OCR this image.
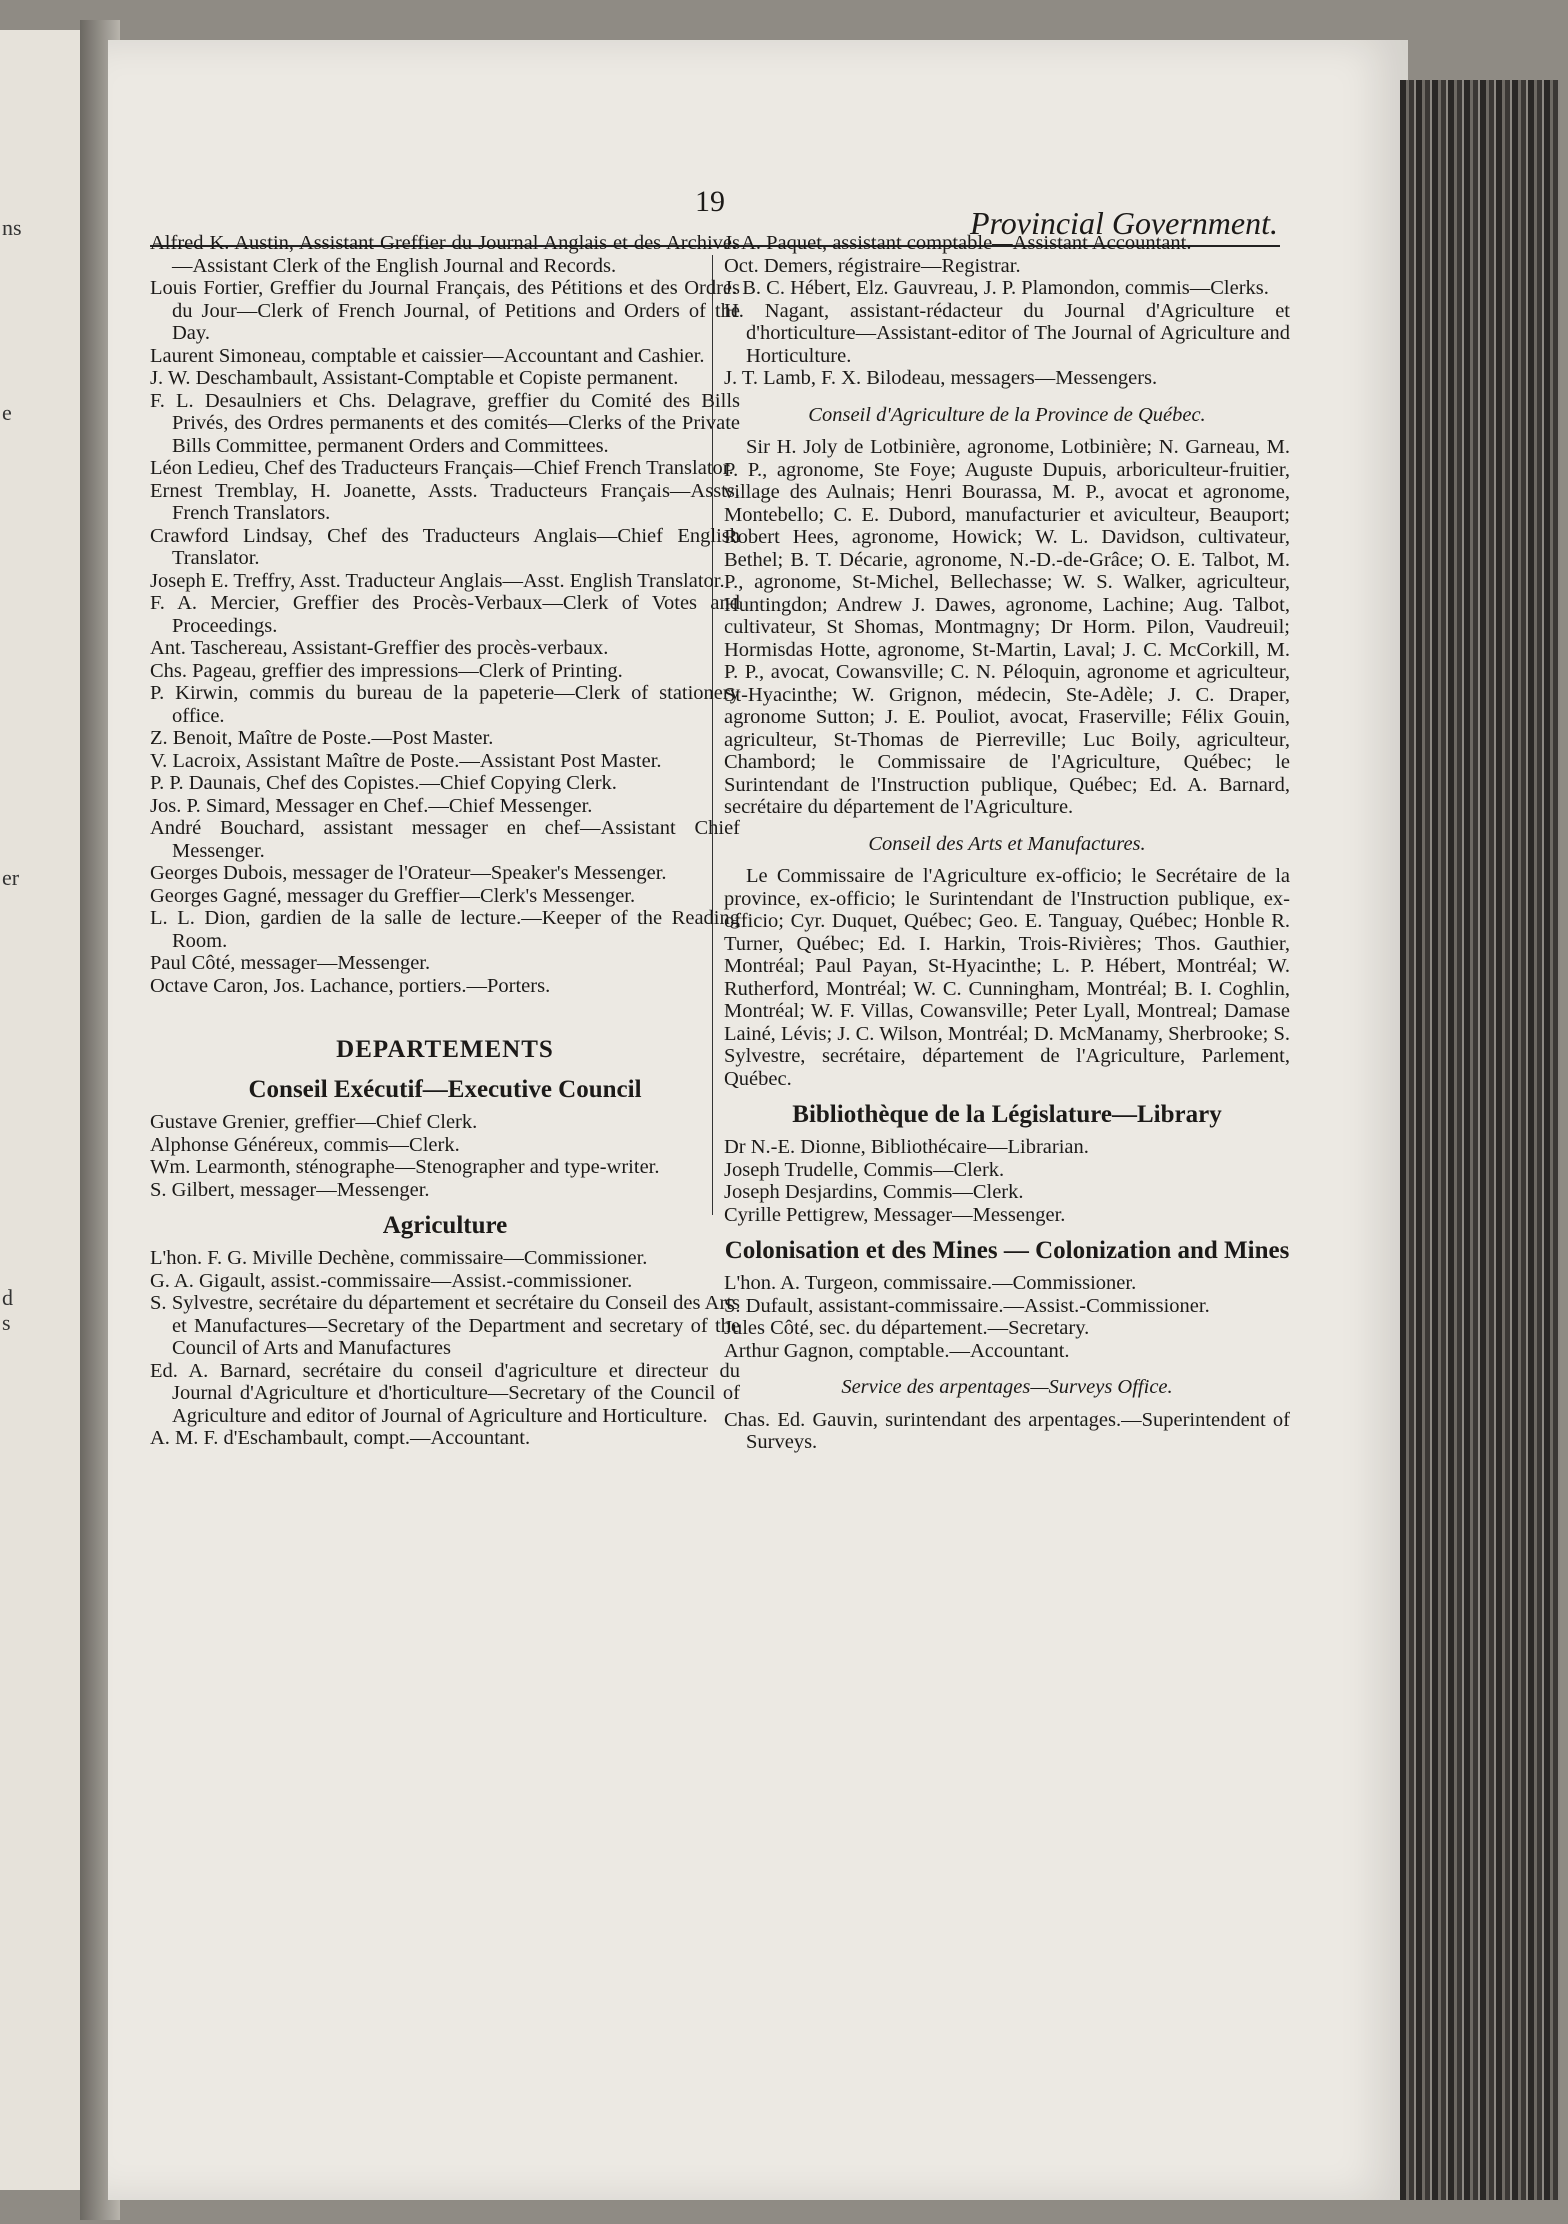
ns
e
er
d
s
19
Provincial Government.

Alfred K. Austin, Assistant Greffier du Journal Anglais et des Archives—Assistant Clerk of the English Journal and Records.

Louis Fortier, Greffier du Journal Français, des Pétitions et des Ordres du Jour—Clerk of French Journal, of Petitions and Orders of the Day.

Laurent Simoneau, comptable et caissier—Accountant and Cashier.

J. W. Deschambault, Assistant-Comptable et Copiste permanent.

F. L. Desaulniers et Chs. Delagrave, greffier du Comité des Bills Privés, des Ordres permanents et des comités—Clerks of the Private Bills Committee, permanent Orders and Committees.

Léon Ledieu, Chef des Traducteurs Français—Chief French Translator.

Ernest Tremblay, H. Joanette, Assts. Traducteurs Français—Assts. French Translators.

Crawford Lindsay, Chef des Traducteurs Anglais—Chief English Translator.

Joseph E. Treffry, Asst. Traducteur Anglais—Asst. English Translator.

F. A. Mercier, Greffier des Procès-Verbaux—Clerk of Votes and Proceedings.

Ant. Taschereau, Assistant-Greffier des procès-verbaux.

Chs. Pageau, greffier des impressions—Clerk of Printing.

P. Kirwin, commis du bureau de la papeterie—Clerk of stationery office.

Z. Benoit, Maître de Poste.—Post Master.

V. Lacroix, Assistant Maître de Poste.—Assistant Post Master.

P. P. Daunais, Chef des Copistes.—Chief Copying Clerk.

Jos. P. Simard, Messager en Chef.—Chief Messenger.

André Bouchard, assistant messager en chef—Assistant Chief Messenger.

Georges Dubois, messager de l'Orateur—Speaker's Messenger.

Georges Gagné, messager du Greffier—Clerk's Messenger.

L. L. Dion, gardien de la salle de lecture.—Keeper of the Reading Room.

Paul Côté, messager—Messenger.

Octave Caron, Jos. Lachance, portiers.—Porters.

DEPARTEMENTS
Conseil Exécutif—Executive Council

Gustave Grenier, greffier—Chief Clerk.

Alphonse Généreux, commis—Clerk.

Wm. Learmonth, sténographe—Stenographer and type-writer.

S. Gilbert, messager—Messenger.

Agriculture

L'hon. F. G. Miville Dechène, commissaire—Commissioner.

G. A. Gigault, assist.-commissaire—Assist.-commissioner.

S. Sylvestre, secrétaire du département et secrétaire du Conseil des Arts et Manufactures—Secretary of the Department and secretary of the Council of Arts and Manufactures

Ed. A. Barnard, secrétaire du conseil d'agriculture et directeur du Journal d'Agriculture et d'horticulture—Secretary of the Council of Agriculture and editor of Journal of Agriculture and Horticulture.

A. M. F. d'Eschambault, compt.—Accountant.

J. A. Paquet, assistant comptable—Assistant Accountant.

Oct. Demers, régistraire—Registrar.

J. B. C. Hébert, Elz. Gauvreau, J. P. Plamondon, commis—Clerks.

H. Nagant, assistant-rédacteur du Journal d'Agriculture et d'horticulture—Assistant-editor of The Journal of Agriculture and Horticulture.

J. T. Lamb, F. X. Bilodeau, messagers—Messengers.

Conseil d'Agriculture de la Province de Québec.

Sir H. Joly de Lotbinière, agronome, Lotbinière; N. Garneau, M. P. P., agronome, Ste Foye; Auguste Dupuis, arboriculteur-fruitier, village des Aulnais; Henri Bourassa, M. P., avocat et agronome, Montebello; C. E. Dubord, manufacturier et aviculteur, Beauport; Robert Hees, agronome, Howick; W. L. Davidson, cultivateur, Bethel; B. T. Décarie, agronome, N.-D.-de-Grâce; O. E. Talbot, M. P., agronome, St-Michel, Bellechasse; W. S. Walker, agriculteur, Huntingdon; Andrew J. Dawes, agronome, Lachine; Aug. Talbot, cultivateur, St Shomas, Montmagny; Dr Horm. Pilon, Vaudreuil; Hormisdas Hotte, agronome, St-Martin, Laval; J. C. McCorkill, M. P. P., avocat, Cowansville; C. N. Péloquin, agronome et agriculteur, St-Hyacinthe; W. Grignon, médecin, Ste-Adèle; J. C. Draper, agronome Sutton; J. E. Pouliot, avocat, Fraserville; Félix Gouin, agriculteur, St-Thomas de Pierreville; Luc Boily, agriculteur, Chambord; le Commissaire de l'Agriculture, Québec; le Surintendant de l'Instruction publique, Québec; Ed. A. Barnard, secrétaire du département de l'Agriculture.

Conseil des Arts et Manufactures.

Le Commissaire de l'Agriculture ex-officio; le Secrétaire de la province, ex-officio; le Surintendant de l'Instruction publique, ex-officio; Cyr. Duquet, Québec; Geo. E. Tanguay, Québec; Honble R. Turner, Québec; Ed. I. Harkin, Trois-Rivières; Thos. Gauthier, Montréal; Paul Payan, St-Hyacinthe; L. P. Hébert, Montréal; W. Rutherford, Montréal; W. C. Cunningham, Montréal; B. I. Coghlin, Montréal; W. F. Villas, Cowansville; Peter Lyall, Montreal; Damase Lainé, Lévis; J. C. Wilson, Montréal; D. McManamy, Sherbrooke; S. Sylvestre, secrétaire, département de l'Agriculture, Parlement, Québec.

Bibliothèque de la Législature—Library

Dr N.-E. Dionne, Bibliothécaire—Librarian.

Joseph Trudelle, Commis—Clerk.

Joseph Desjardins, Commis—Clerk.

Cyrille Pettigrew, Messager—Messenger.

Colonisation et des Mines — Colonization and Mines

L'hon. A. Turgeon, commissaire.—Commissioner.

S. Dufault, assistant-commissaire.—Assist.-Commissioner.

Jules Côté, sec. du département.—Secretary.

Arthur Gagnon, comptable.—Accountant.

Service des arpentages—Surveys Office.

Chas. Ed. Gauvin, surintendant des arpentages.—Superintendent of Surveys.
